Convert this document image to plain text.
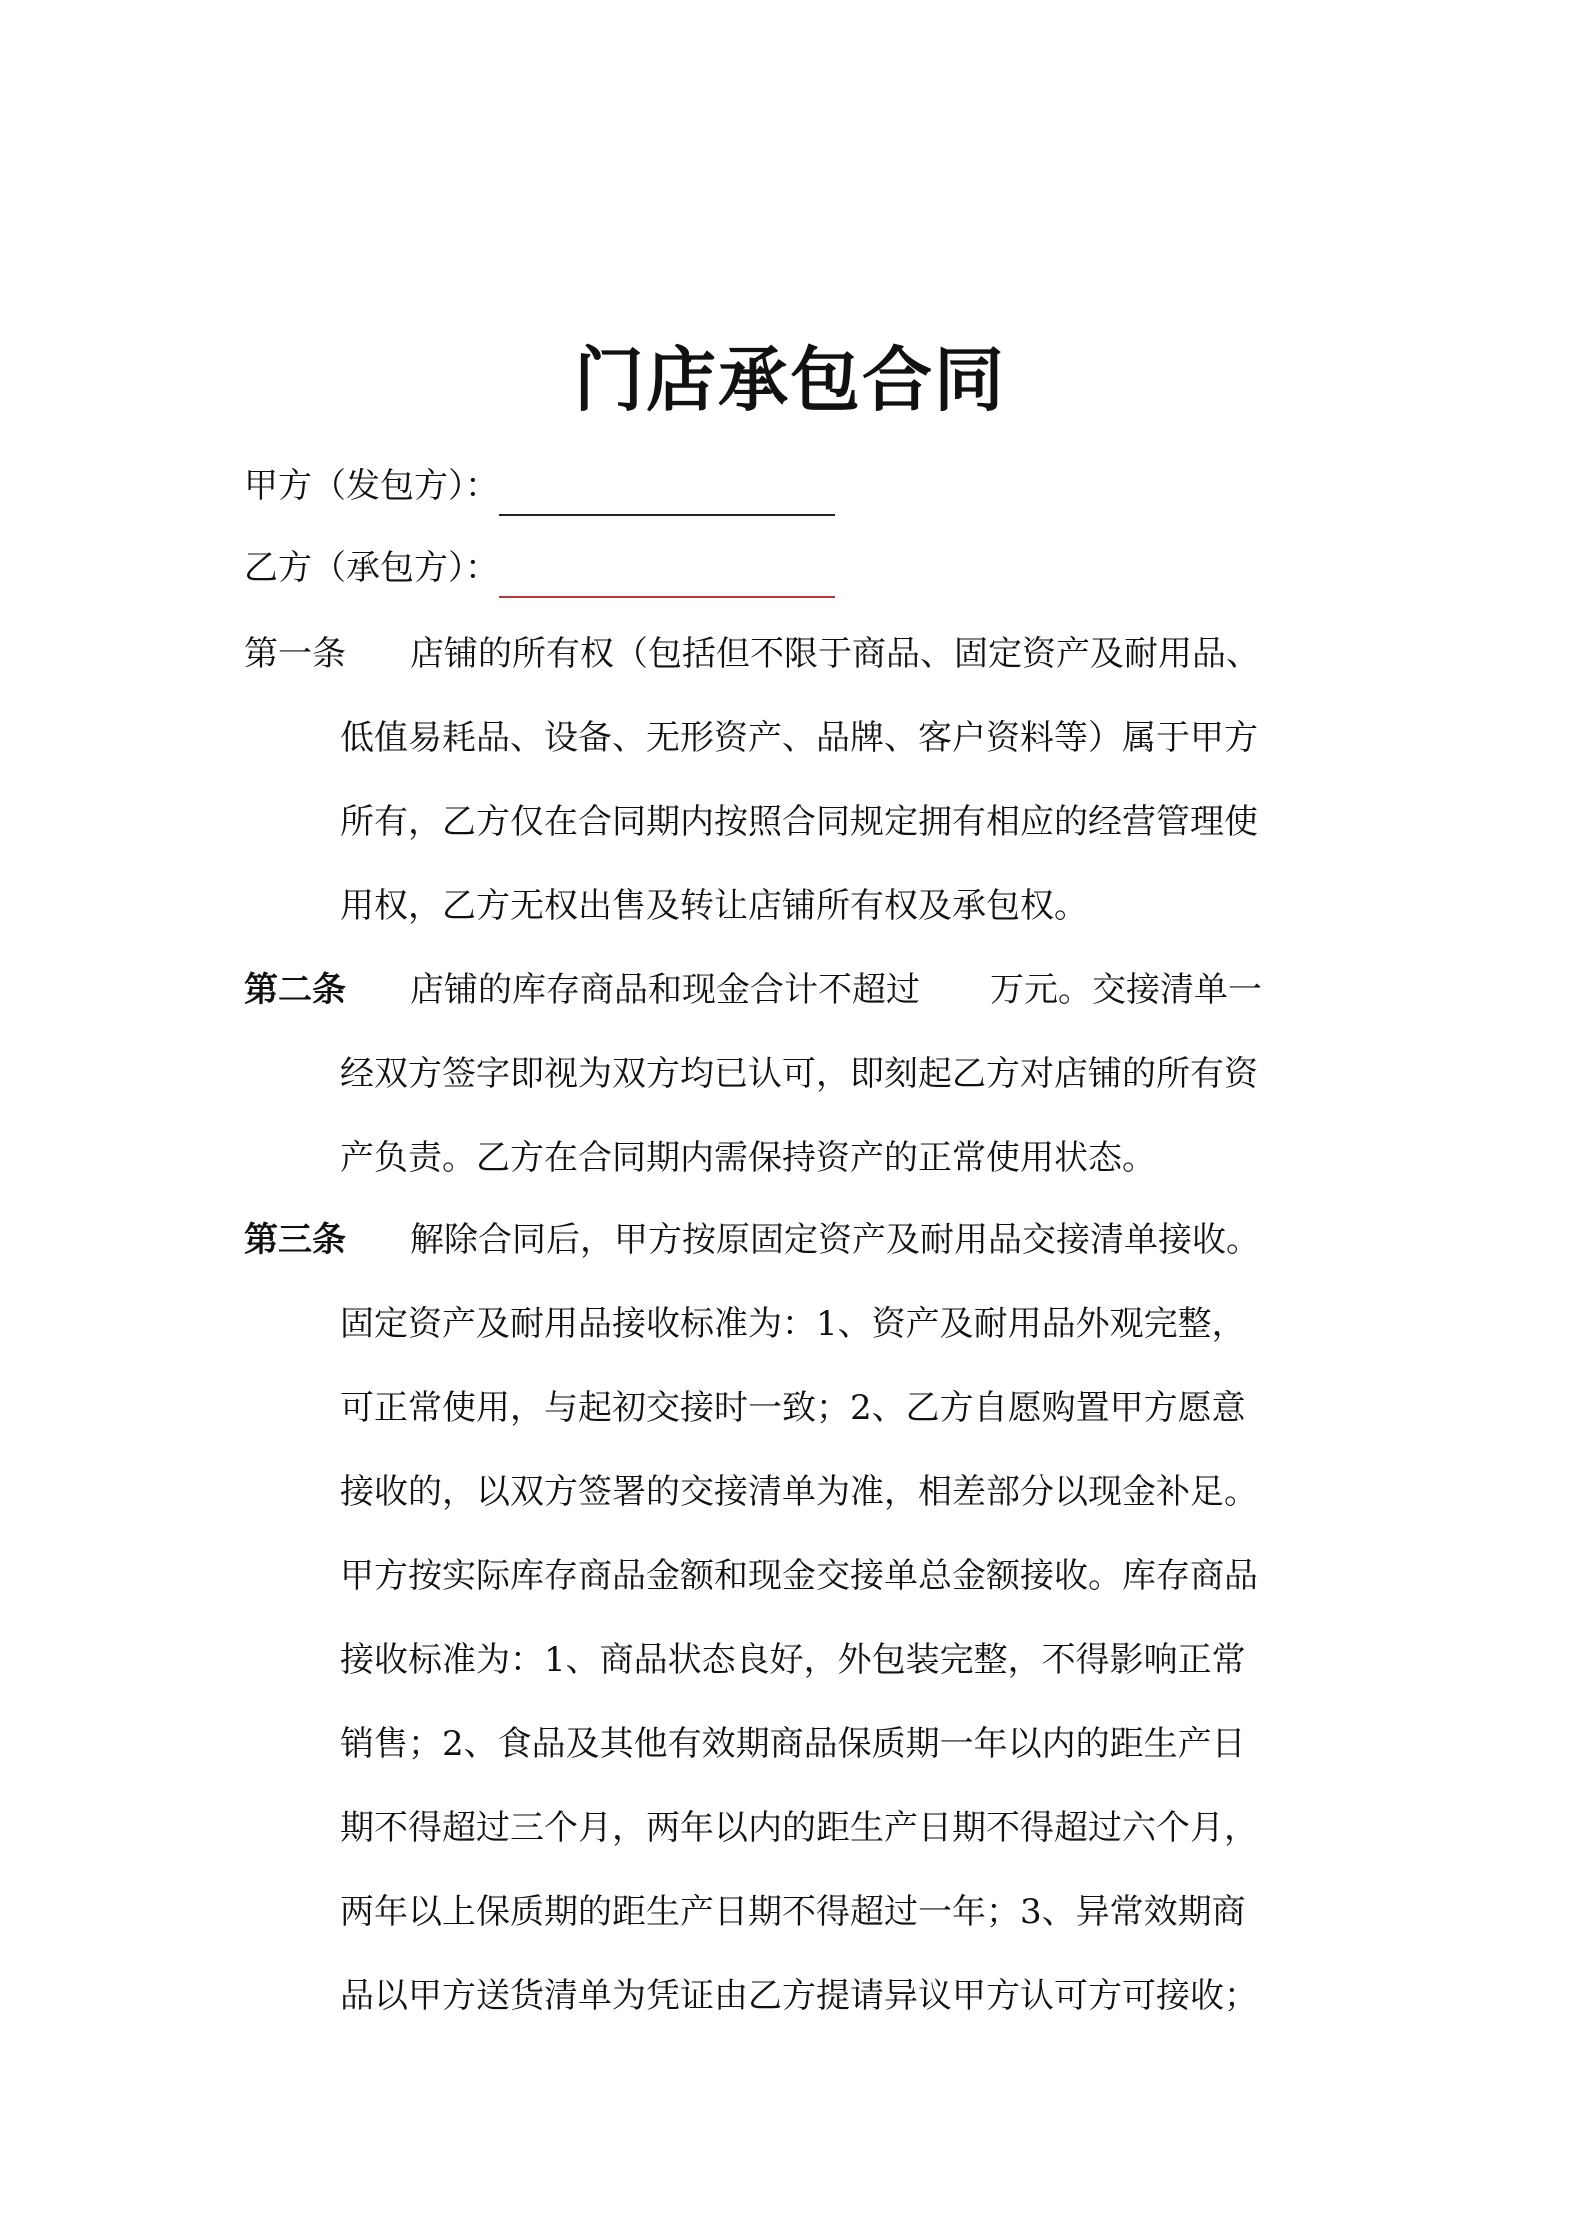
门店承包合同
甲方（发包方）：
乙方（承包方）：
第一条 店铺的所有权（包括但不限于商品、固定资产及耐用品、
低值易耗品、设备、无形资产、品牌、客户资料等）属于甲方
所有，乙方仅在合同期内按照合同规定拥有相应的经营管理使
用权，乙方无权出售及转让店铺所有权及承包权。
第二条 店铺的库存商品和现金合计不超过 万元。交接清单一
经双方签字即视为双方均已认可，即刻起乙方对店铺的所有资
产负责。乙方在合同期内需保持资产的正常使用状态。
第三条 解除合同后，甲方按原固定资产及耐用品交接清单接收。
固定资产及耐用品接收标准为：1、资产及耐用品外观完整，
可正常使用，与起初交接时一致；2、乙方自愿购置甲方愿意
接收的，以双方签署的交接清单为准，相差部分以现金补足。
甲方按实际库存商品金额和现金交接单总金额接收。库存商品
接收标准为：1、商品状态良好，外包装完整，不得影响正常
销售；2、食品及其他有效期商品保质期一年以内的距生产日
期不得超过三个月，两年以内的距生产日期不得超过六个月，
两年以上保质期的距生产日期不得超过一年；3、异常效期商
品以甲方送货清单为凭证由乙方提请异议甲方认可方可接收；
